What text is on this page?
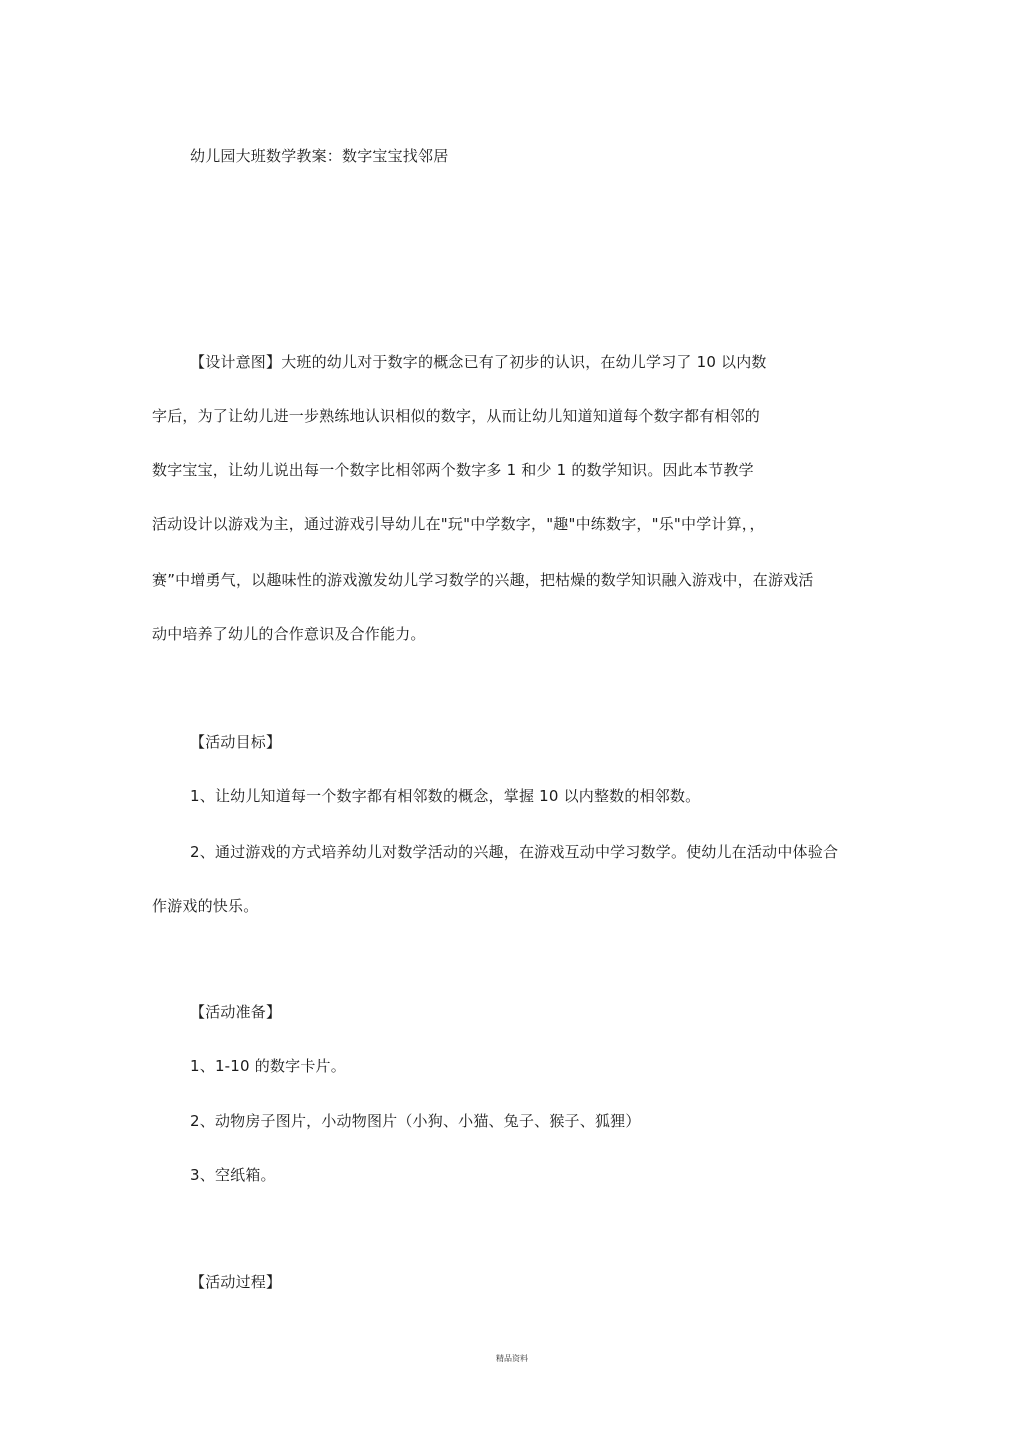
幼儿园大班数学教案：数字宝宝找邻居
【设计意图】大班的幼儿对于数字的概念已有了初步的认识，在幼儿学习了 10 以内数
字后，为了让幼儿进一步熟练地认识相似的数字，从而让幼儿知道知道每个数字都有相邻的
数字宝宝，让幼儿说出每一个数字比相邻两个数字多 1 和少 1 的数学知识。因此本节教学
活动设计以游戏为主，通过游戏引导幼儿在"玩"中学数字，"趣"中练数字，"乐"中学计算，，
赛”中增勇气，以趣味性的游戏激发幼儿学习数学的兴趣，把枯燥的数学知识融入游戏中，在游戏活
动中培养了幼儿的合作意识及合作能力。
【活动目标】
1、让幼儿知道每一个数字都有相邻数的概念，掌握 10 以内整数的相邻数。
2、通过游戏的方式培养幼儿对数学活动的兴趣，在游戏互动中学习数学。使幼儿在活动中体验合
作游戏的快乐。
【活动准备】
1、1-10 的数字卡片。
2、动物房子图片，小动物图片（小狗、小猫、兔子、猴子、狐狸）
3、空纸箱。
【活动过程】
精品资料
